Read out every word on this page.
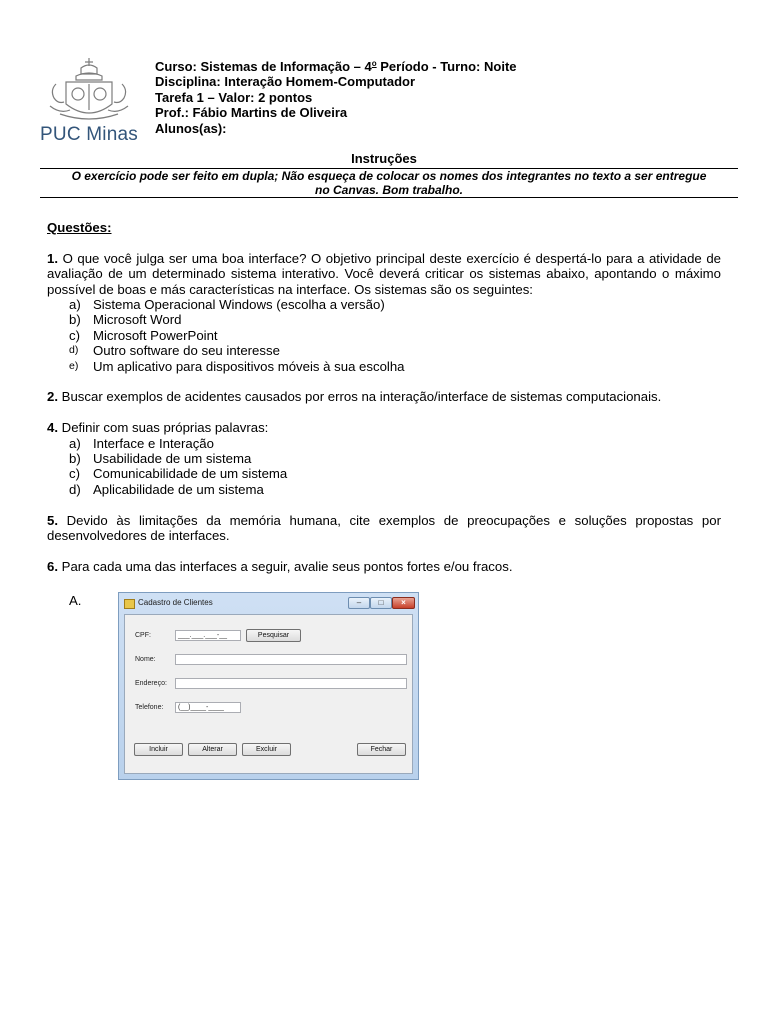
PUC Minas
Curso: Sistemas de Informação – 4$^o$ Período - Turno: Noite
Disciplina: Interação Homem-Computador
Tarefa 1 – Valor: 2 pontos
Prof.: Fábio Martins de Oliveira
Alunos(as):
Instruções
O exercício pode ser feito em dupla; Não esqueça de colocar os nomes dos integrantes no texto a ser entregue
no Canvas. Bom trabalho.

Questões:

1. O que você julga ser uma boa interface? O objetivo principal deste exercício é despertá-lo para a atividade de avaliação de um determinado sistema interativo. Você deverá criticar os sistemas abaixo, apontando o máximo possível de boas e más características na interface. Os sistemas são os seguintes:

a) Sistema Operacional Windows (escolha a versão)
b) Microsoft Word
c) Microsoft PowerPoint
d) Outro software do seu interesse
e) Um aplicativo para dispositivos móveis à sua escolha

2. Buscar exemplos de acidentes causados por erros na interação/interface de sistemas computacionais.

4. Definir com suas próprias palavras:

a) Interface e Interação
b) Usabilidade de um sistema
c) Comunicabilidade de um sistema
d) Aplicabilidade de um sistema

5. Devido às limitações da memória humana, cite exemplos de preocupações e soluções propostas por desenvolvedores de interfaces.

6. Para cada uma das interfaces a seguir, avalie seus pontos fortes e/ou fracos.

A.	Cadastro de Clientes	–	□	×
CPF:	___.___.___-__	Pesquisar
Nome:
Endereço:
Telefone:	(__)____-____
Incluir	Alterar	Excluir	Fechar
